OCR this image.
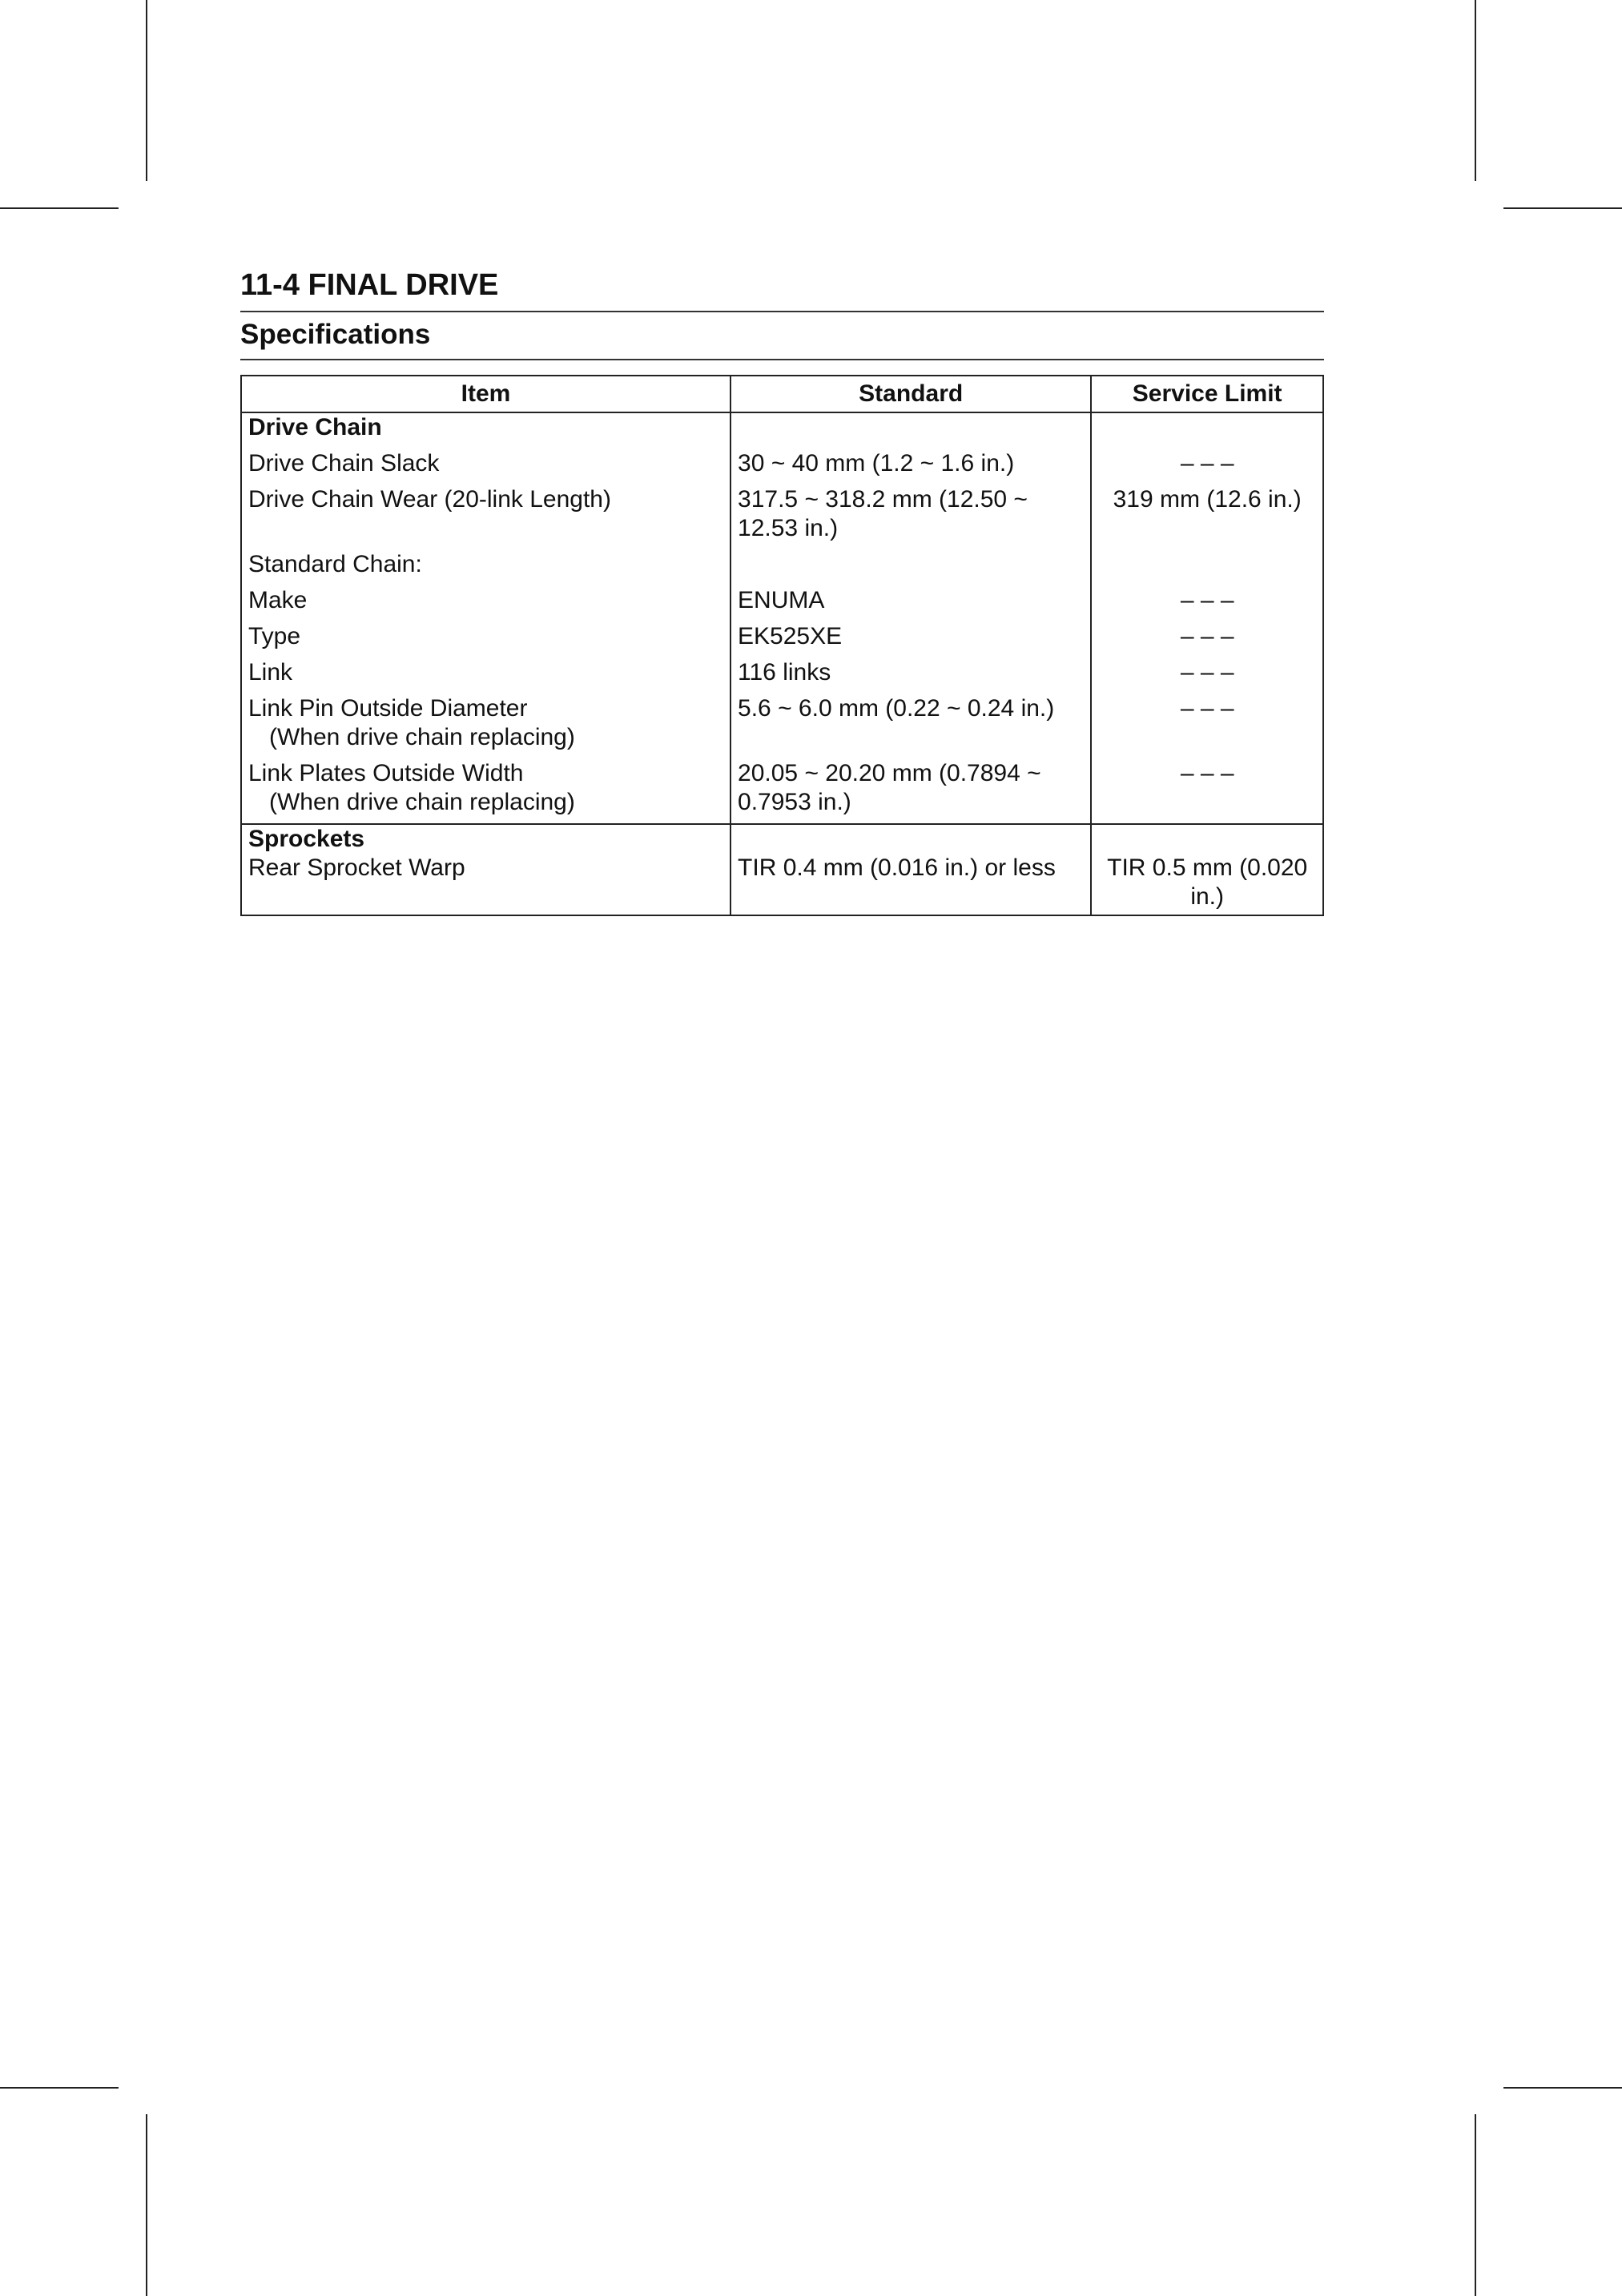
11-4 FINAL DRIVE
Specifications
Item	Standard	Service Limit
Drive Chain		
Drive Chain Slack	30 ~ 40 mm (1.2 ~ 1.6 in.)	– – –
Drive Chain Wear (20-link Length)	317.5 ~ 318.2 mm (12.50 ~ 12.53 in.)	319 mm (12.6 in.)
Standard Chain:		
Make	ENUMA	– – –
Type	EK525XE	– – –
Link	116 links	– – –
Link Pin Outside Diameter
(When drive chain replacing)	5.6 ~ 6.0 mm (0.22 ~ 0.24 in.)	– – –
Link Plates Outside Width
(When drive chain replacing)	20.05 ~ 20.20 mm (0.7894 ~ 0.7953 in.)	– – –
Sprockets		
Rear Sprocket Warp	TIR 0.4 mm (0.016 in.) or less	TIR 0.5 mm (0.020 in.)
